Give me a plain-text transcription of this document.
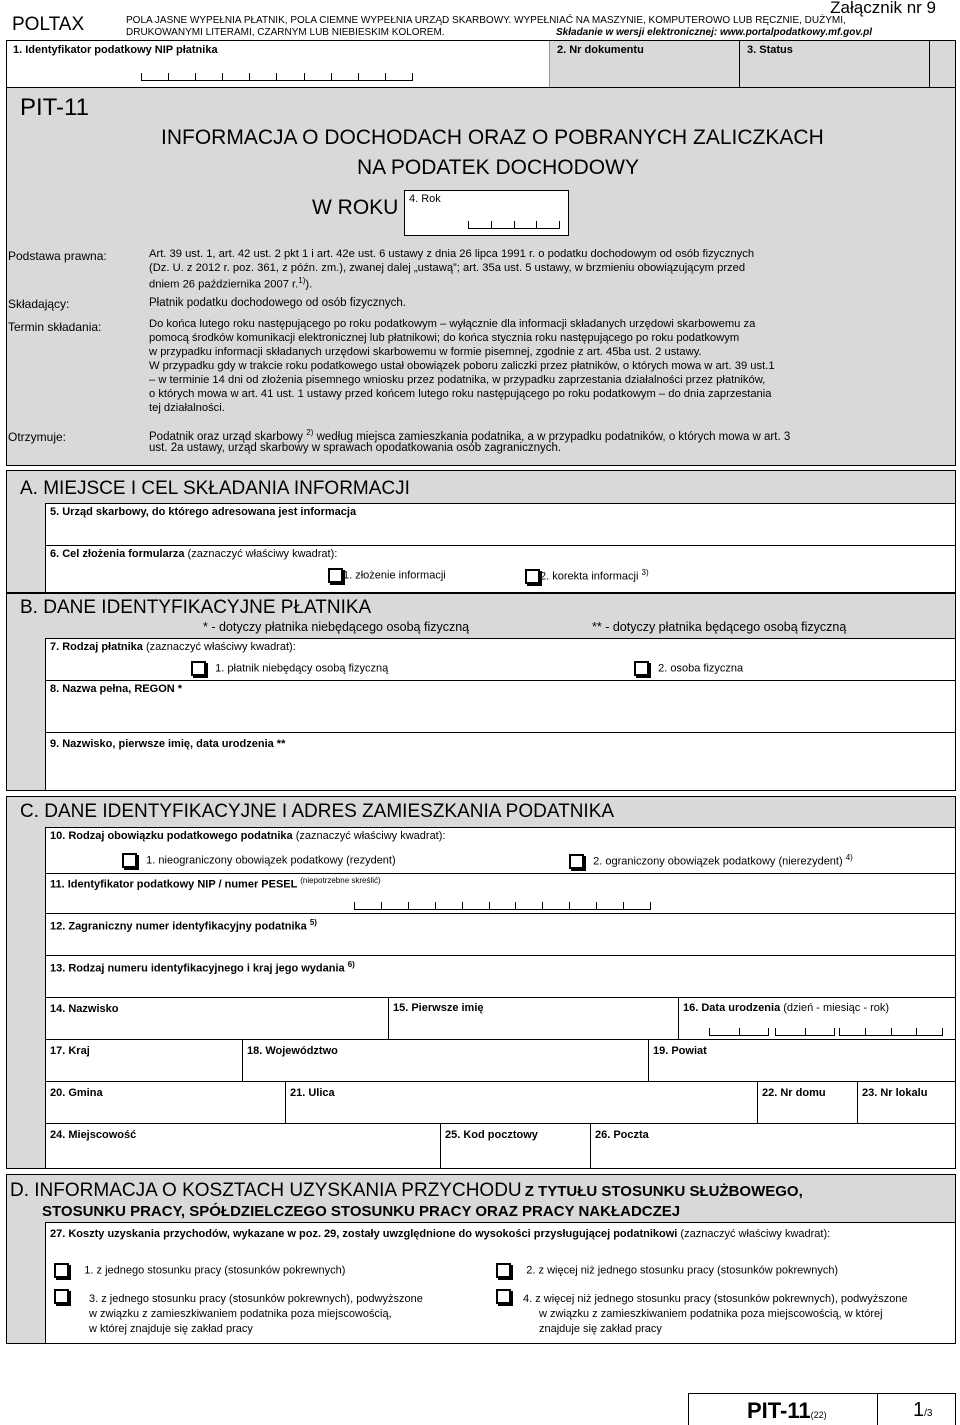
POLTAX	POLA JASNE WYPEŁNIA PŁATNIK, POLA CIEMNE WYPEŁNIA URZĄD SKARBOWY. WYPEŁNIAĆ NA MASZYNIE, KOMPUTEROWO LUB RĘCZNIE, DUŻYMI,
DRUKOWANYMI LITERAMI, CZARNYM LUB NIEBIESKIM KOLOREM.
Załącznik nr 9
Składanie w wersji elektronicznej: www.portalpodatkowy.mf.gov.pl
1. Identyfikator podatkowy NIP płatnika	2. Nr dokumentu	3. Status
PIT-11
INFORMACJA O DOCHODACH ORAZ O POBRANYCH ZALICZKACH
NA PODATEK DOCHODOWY
W ROKU 4. Rok
Podstawa prawna:	Art. 39 ust. 1, art. 42 ust. 2 pkt 1 i art. 42e ust. 6 ustawy z dnia 26 lipca 1991 r. o podatku dochodowym od osób fizycznych
(Dz. U. z 2012 r. poz. 361, z późn. zm.), zwanej dalej „ustawą”; art. 35a ust. 5 ustawy, w brzmieniu obowiązującym przed
dniem 26 października 2007 r.$^{1)}$).
Składający:	Płatnik podatku dochodowego od osób fizycznych.
Termin składania:	Do końca lutego roku następującego po roku podatkowym – wyłącznie dla informacji składanych urzędowi skarbowemu za
pomocą środków komunikacji elektronicznej lub płatnikowi; do końca stycznia roku następującego po roku podatkowym
w przypadku informacji składanych urzędowi skarbowemu w formie pisemnej, zgodnie z art. 45ba ust. 2 ustawy.
W przypadku gdy w trakcie roku podatkowego ustał obowiązek poboru zaliczki przez płatników, o których mowa w art. 39 ust.1
– w terminie 14 dni od złożenia pisemnego wniosku przez podatnika, w przypadku zaprzestania działalności przez płatników,
o których mowa w art. 41 ust. 1 ustawy przed końcem lutego roku następującego po roku podatkowym – do dnia zaprzestania
tej działalności.
Otrzymuje:	Podatnik oraz urząd skarbowy $^{2)}$ według miejsca zamieszkania podatnika, a w przypadku podatników, o których mowa w art. 3
ust. 2a ustawy, urząd skarbowy w sprawach opodatkowania osób zagranicznych.
A. MIEJSCE I CEL SKŁADANIA INFORMACJI
5. Urząd skarbowy, do którego adresowana jest informacja
6. Cel złożenia formularza (zaznaczyć właściwy kwadrat):
1. złożenie informacji	2. korekta informacji $^{3)}$
B. DANE IDENTYFIKACYJNE PŁATNIKA
* - dotyczy płatnika niebędącego osobą fizyczną	** - dotyczy płatnika będącego osobą fizyczną
7. Rodzaj płatnika (zaznaczyć właściwy kwadrat):
1. płatnik niebędący osobą fizyczną	2. osoba fizyczna
8. Nazwa pełna, REGON *
9. Nazwisko, pierwsze imię, data urodzenia **
C. DANE IDENTYFIKACYJNE I ADRES ZAMIESZKANIA PODATNIKA
10. Rodzaj obowiązku podatkowego podatnika (zaznaczyć właściwy kwadrat):
1. nieograniczony obowiązek podatkowy (rezydent)	2. ograniczony obowiązek podatkowy (nierezydent) $^{4)}$
11. Identyfikator podatkowy NIP / numer PESEL $^{(niepotrzebne skreślić)}$
12. Zagraniczny numer identyfikacyjny podatnika $^{5)}$
13. Rodzaj numeru identyfikacyjnego i kraj jego wydania $^{6)}$
14. Nazwisko	15. Pierwsze imię	16. Data urodzenia (dzień - miesiąc - rok)
17. Kraj	18. Województwo	19. Powiat
20. Gmina	21. Ulica	22. Nr domu	23. Nr lokalu
24. Miejscowość	25. Kod pocztowy	26. Poczta
D. INFORMACJA O KOSZTACH UZYSKANIA PRZYCHODU Z TYTUŁU STOSUNKU SŁUŻBOWEGO,
STOSUNKU PRACY, SPÓŁDZIELCZEGO STOSUNKU PRACY ORAZ PRACY NAKŁADCZEJ
27. Koszty uzyskania przychodów, wykazane w poz. 29, zostały uwzględnione do wysokości przysługującej podatnikowi (zaznaczyć właściwy kwadrat):
1. z jednego stosunku pracy (stosunków pokrewnych)	2. z więcej niż jednego stosunku pracy (stosunków pokrewnych)
3. z jednego stosunku pracy (stosunków pokrewnych), podwyższone
w związku z zamieszkiwaniem podatnika poza miejscowością,
w której znajduje się zakład pracy
4. z więcej niż jednego stosunku pracy (stosunków pokrewnych), podwyższone
w związku z zamieszkiwaniem podatnika poza miejscowością, w której
znajduje się zakład pracy
PIT-11(22)	1/3
